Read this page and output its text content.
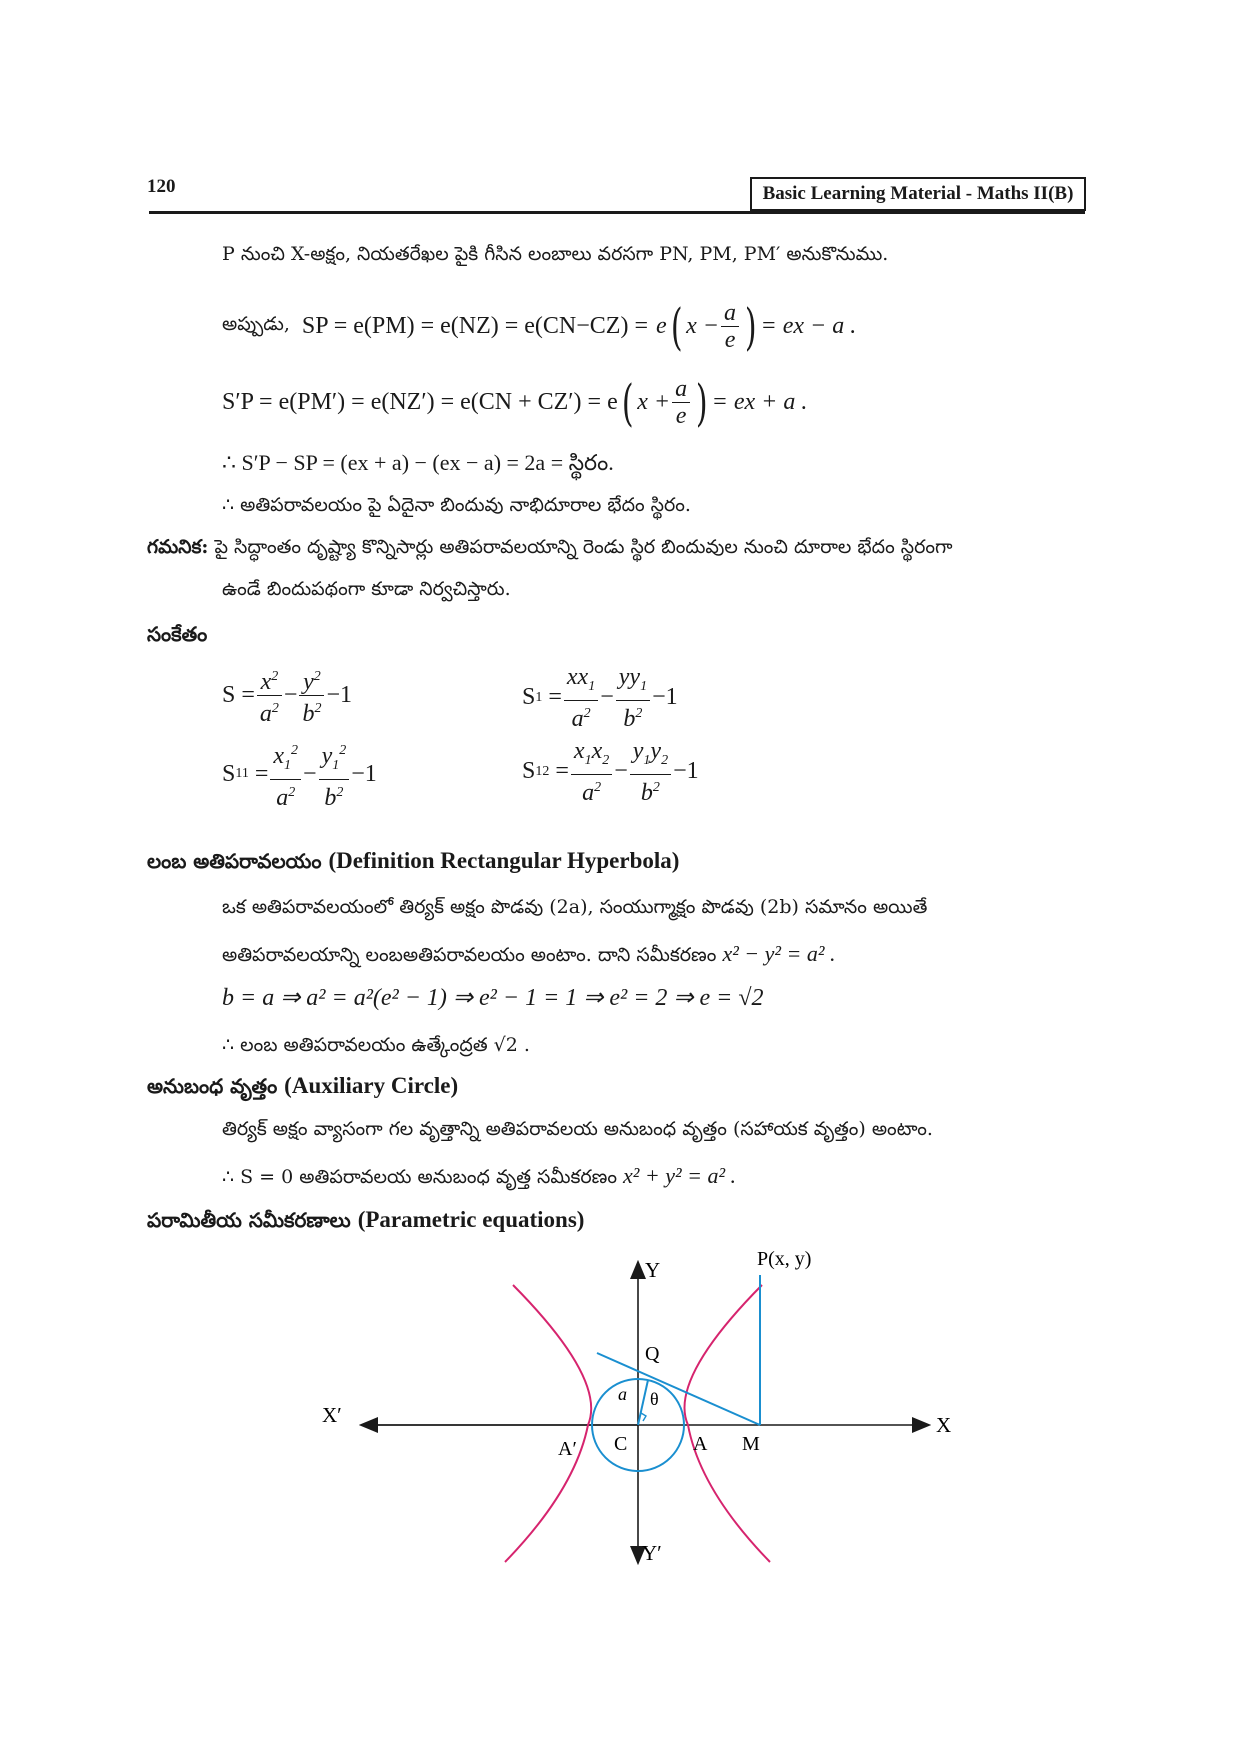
120	Basic Learning Material - Maths II(B)
P నుంచి X-అక్షం, నియతరేఖల పైకి గీసిన లంబాలు వరసగా PN, PM, PM′ అనుకొనుము.
అప్పుడు, SP = e(PM) = e(NZ) = e(CN−CZ) = e ( $x - \frac{a}{e}$ ) = ex − a .
S′P = e(PM′) = e(NZ′) = e(CN + CZ′) = e ( $x + \frac{a}{e}$ ) = ex + a .
∴ S′P − SP = (ex + a) − (ex − a) = 2a = స్థిరం.
∴ అతిపరావలయం పై ఏదైనా బిందువు నాభిదూరాల భేదం స్థిరం.
గమనిక: పై సిద్ధాంతం దృష్ట్యా కొన్నిసార్లు అతిపరావలయాన్ని రెండు స్థిర బిందువుల నుంచి దూరాల భేదం స్థిరంగా
ఉండే బిందుపథంగా కూడా నిర్వచిస్తారు.
సంకేతం
$S = \frac{x^2}{a^2} - \frac{y^2}{b^2} -1$	S $1 = \frac{xx_1}{a^2} - \frac{yy_1}{b^2} -1$
S $11 = \frac{x_1^2}{a^2} - \frac{y_1^2}{b^2} -1$	S $12 = \frac{x_1x_2}{a^2} - \frac{y_1y_2}{b^2} -1$
లంబ అతిపరావలయం (Definition Rectangular Hyperbola)
ఒక అతిపరావలయంలో తిర్యక్ అక్షం పొడవు (2a), సంయుగ్మాక్షం పొడవు (2b) సమానం అయితే
అతిపరావలయాన్ని లంబఅతిపరావలయం అంటాం. దాని సమీకరణం x² − y² = a² .
b = a ⇒ a² = a²(e² − 1) ⇒ e² − 1 = 1 ⇒ e² = 2 ⇒ e = √2
∴ లంబ అతిపరావలయం ఉత్కేంద్రత √2 .
అనుబంధ వృత్తం (Auxiliary Circle)
తిర్యక్ అక్షం వ్యాసంగా గల వృత్తాన్ని అతిపరావలయ అనుబంధ వృత్తం (సహాయక వృత్తం) అంటాం.
∴ S = 0 అతిపరావలయ అనుబంధ వృత్త సమీకరణం x² + y² = a² .
పరామితీయ సమీకరణాలు (Parametric equations)
X
X′
Y
Y′
P(x, y)
Q
a θ
C	A
A′	M
